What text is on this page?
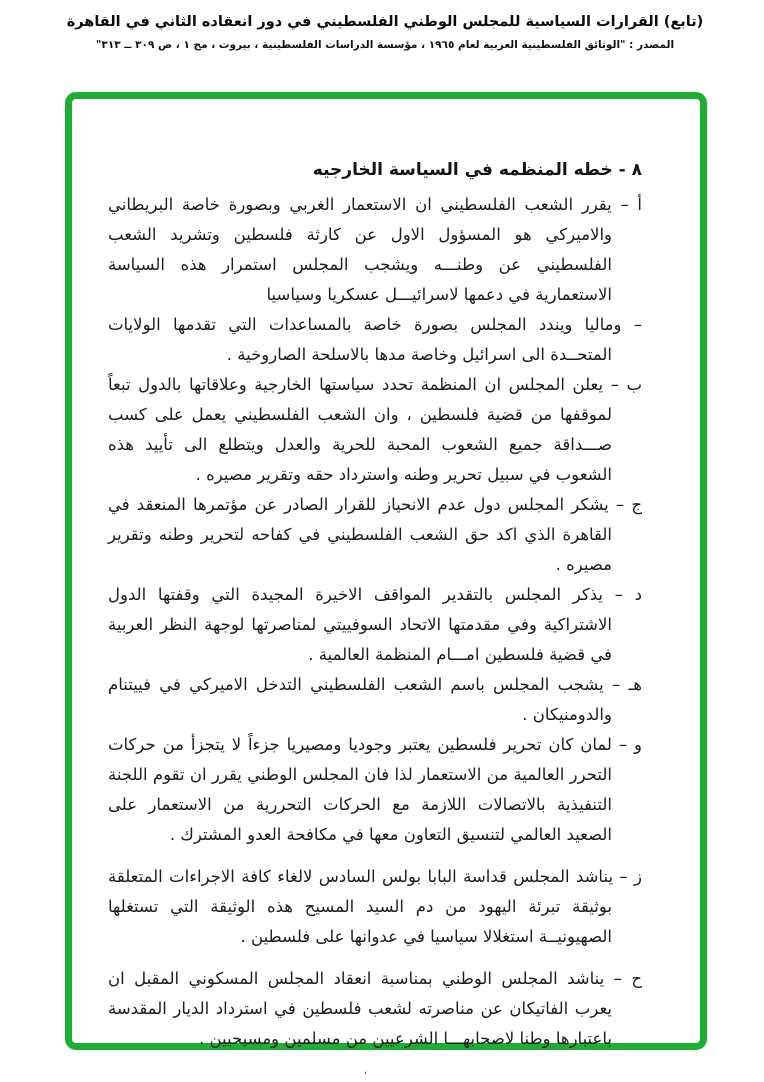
(تابع) القرارات السياسية للمجلس الوطني الفلسطيني في دور انعقاده الثاني في القاهرة
المصدر : "الوثائق الفلسطينية العربية لعام ١٩٦٥ ، مؤسسة الدراسات الفلسطينية ، بيروت ، مج ١ ، ص ٣٠٩ ــ ٣١٣"
٨ - خطه المنظمه في السياسة الخارجيه

أ – يقرر الشعب الفلسطيني ان الاستعمار الغربي وبصورة خاصة البريطاني والاميركي هو المسؤول الاول عن كارثة فلسطين وتشريد الشعب الفلسطيني عن وطنـــه ويشجب المجلس استمرار هذه السياسة الاستعمارية في دعمها لاسرائيـــل عسكريا وسياسيا

– وماليا ويندد المجلس بصورة خاصة بالمساعدات التي تقدمها الولايات المتحــدة الى اسرائيل وخاصة مدها بالاسلحة الصاروخية .

ب – يعلن المجلس ان المنظمة تحدد سياستها الخارجية وعلاقاتها بالدول تبعاً لموقفها من قضية فلسطين ، وان الشعب الفلسطيني يعمل على كسب صـــداقة جميع الشعوب المحبة للحرية والعدل ويتطلع الى تأييد هذه الشعوب في سبيل تحرير وطنه واسترداد حقه وتقرير مصيره .

ج – يشكر المجلس دول عدم الانحياز للقرار الصادر عن مؤتمرها المنعقد في القاهرة الذي اكد حق الشعب الفلسطيني في كفاحه لتحرير وطنه وتقرير مصيره .

د – يذكر المجلس بالتقدير المواقف الاخيرة المجيدة التي وقفتها الدول الاشتراكية وفي مقدمتها الاتحاد السوفييتي لمناصرتها لوجهة النظر العربية في قضية فلسطين امـــام المنظمة العالمية .

هـ – يشجب المجلس باسم الشعب الفلسطيني التدخل الاميركي في فييتنام والدومنيكان .

و – لمان كان تحرير فلسطين يعتبر وجوديا ومصيريا جزءاً لا يتجزأ من حركات التحرر العالمية من الاستعمار لذا فان المجلس الوطني يقرر ان تقوم اللجنة التنفيذية بالاتصالات اللازمة مع الحركات التحررية من الاستعمار على الصعيد العالمي لتنسيق التعاون معها في مكافحة العدو المشترك .

ز – يناشد المجلس قداسة البابا بولس السادس لالغاء كافة الاجراءات المتعلقة بوثيقة تبرئة اليهود من دم السيد المسيح هذه الوثيقة التي تستغلها الصهيونيــة استغلالا سياسيا في عدوانها على فلسطين .

ح – يناشد المجلس الوطني بمناسبة انعقاد المجلس المسكوني المقبل ان يعرب الفاتيكان عن مناصرته لشعب فلسطين في استرداد الديار المقدسة باعتبارها وطنا لاصحابهـــا الشرعيين من مسلمين ومسيحيين .

،
